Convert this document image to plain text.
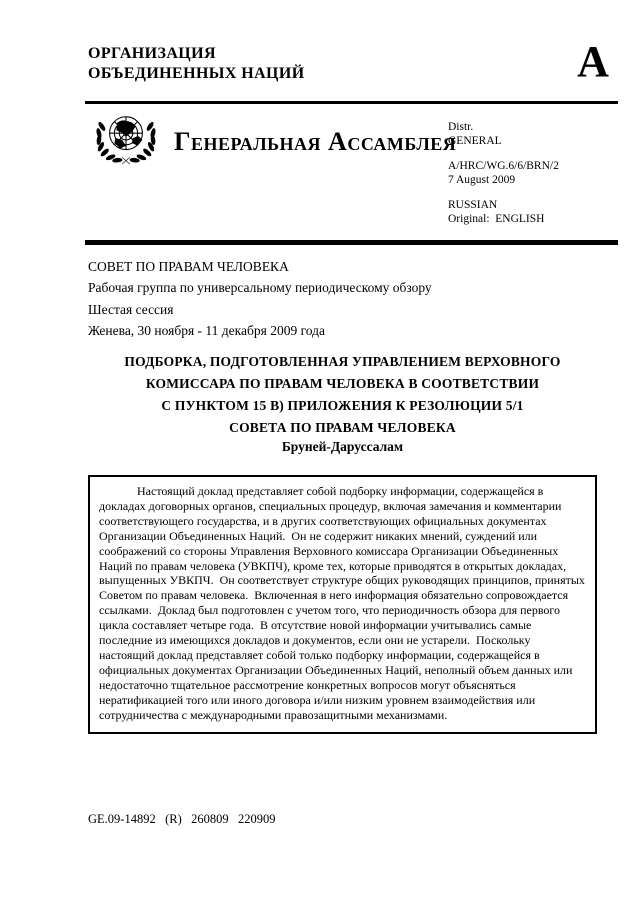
ОРГАНИЗАЦИЯ
ОБЪЕДИНЕННЫХ НАЦИЙ	A
Генеральная Ассамблея
Distr.
GENERAL
A/HRC/WG.6/6/BRN/2
7 August 2009
RUSSIAN
Original:  ENGLISH
СОВЕТ ПО ПРАВАМ ЧЕЛОВЕКА
Рабочая группа по универсальному периодическому обзору
Шестая сессия
Женева, 30 ноября - 11 декабря 2009 года
ПОДБОРКА, ПОДГОТОВЛЕННАЯ УПРАВЛЕНИЕМ ВЕРХОВНОГО
КОМИССАРА ПО ПРАВАМ ЧЕЛОВЕКА В СООТВЕТСТВИИ
С ПУНКТОМ 15 В) ПРИЛОЖЕНИЯ К РЕЗОЛЮЦИИ 5/1
СОВЕТА ПО ПРАВАМ ЧЕЛОВЕКА
Бруней-Даруссалам
Настоящий доклад представляет собой подборку информации, содержащейся в докладах договорных органов, специальных процедур, включая замечания и комментарии соответствующего государства, и в других соответствующих официальных документах Организации Объединенных Наций.  Он не содержит никаких мнений, суждений или соображений со стороны Управления Верховного комиссара Организации Объединенных Наций по правам человека (УВКПЧ), кроме тех, которые приводятся в открытых докладах, выпущенных УВКПЧ.  Он соответствует структуре общих руководящих принципов, принятых Советом по правам человека.  Включенная в него информация обязательно сопровождается ссылками.  Доклад был подготовлен с учетом того, что периодичность обзора для первого цикла составляет четыре года.  В отсутствие новой информации учитывались самые последние из имеющихся докладов и документов, если они не устарели.  Поскольку настоящий доклад представляет собой только подборку информации, содержащейся в официальных документах Организации Объединенных Наций, неполный объем данных или недостаточно тщательное рассмотрение конкретных вопросов могут объясняться нератификацией того или иного договора и/или низким уровнем взаимодействия или сотрудничества с международными правозащитными механизмами.
GE.09-14892   (R)   260809   220909
